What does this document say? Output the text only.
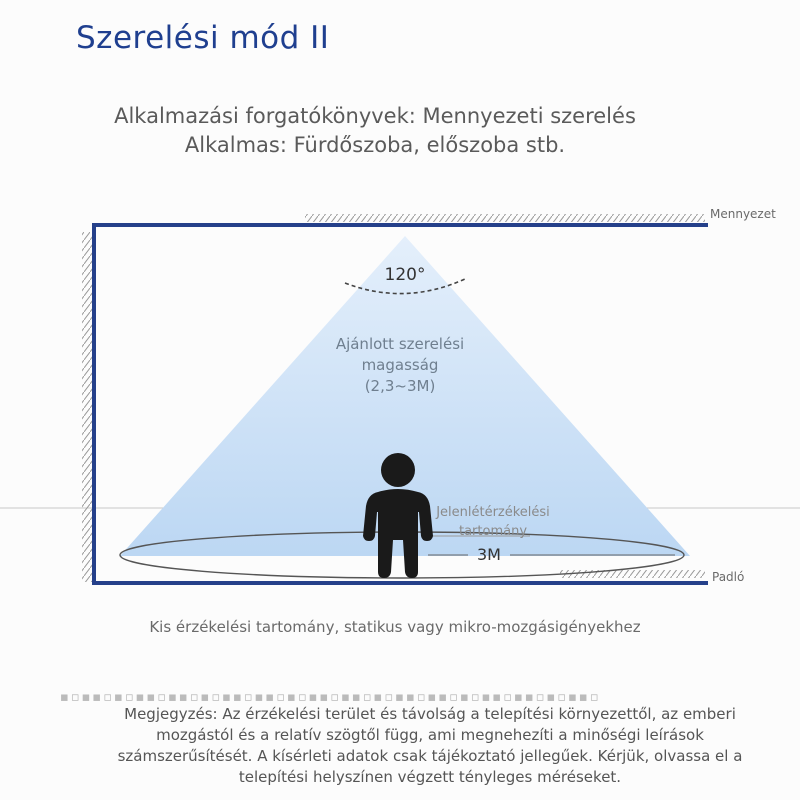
Szerelési mód II
Alkalmazási forgatókönyvek: Mennyezeti szerelés
Alkalmas: Fürdőszoba, előszoba stb.
Mennyezet
Padló
120°
Ajánlott szerelési
magasság
(2,3~3M)
Jelenlétérzékelési
tartomány
3M
Kis érzékelési tartomány, statikus vagy mikro-mozgásigényekhez
▪▫▪▪▫▪▫▪▪▫▪▪▫▪▫▪▪▫▪▪▫▪▫▪▪▫▪▪▫▪▫▪▪▫▪▪▫▪▫▪▪▫▪▪▫▪▫▪▪▫
Megjegyzés: Az érzékelési terület és távolság a telepítési környezettől, az emberi mozgástól és a relatív szögtől függ, ami megnehezíti a minőségi leírások számszerűsítését. A kísérleti adatok csak tájékoztató jellegűek. Kérjük, olvassa el a telepítési helyszínen végzett tényleges méréseket.
